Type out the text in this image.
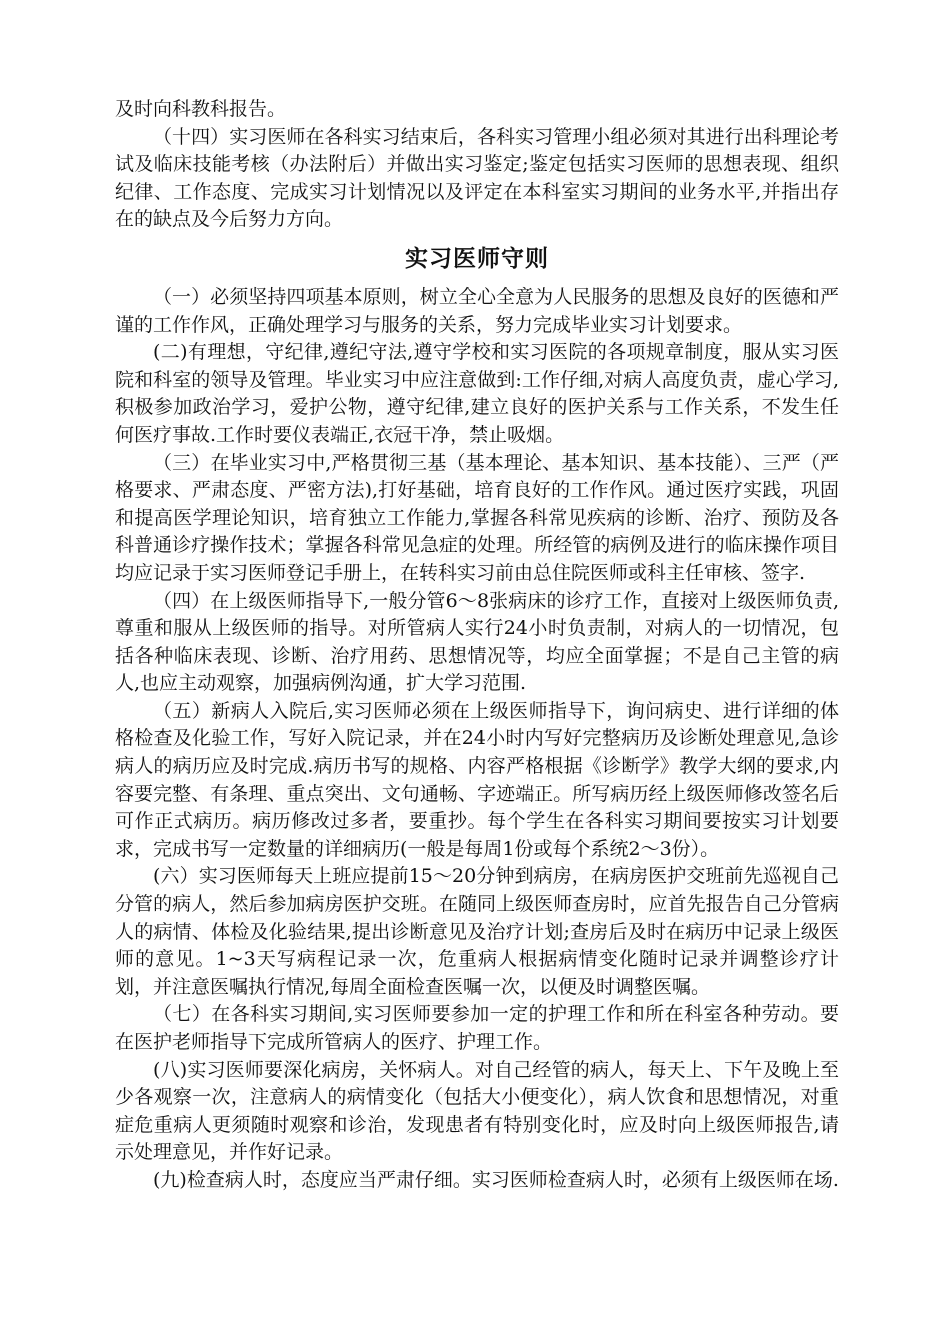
及时向科教科报告。

（十四）实习医师在各科实习结束后，各科实习管理小组必须对其进行出科理论考试及临床技能考核（办法附后）并做出实习鉴定;鉴定包括实习医师的思想表现、组织纪律、工作态度、完成实习计划情况以及评定在本科室实习期间的业务水平,并指出存在的缺点及今后努力方向。

实习医师守则

（一）必须坚持四项基本原则，树立全心全意为人民服务的思想及良好的医德和严谨的工作作风，正确处理学习与服务的关系，努力完成毕业实习计划要求。

(二)有理想，守纪律,遵纪守法,遵守学校和实习医院的各项规章制度，服从实习医院和科室的领导及管理。毕业实习中应注意做到:工作仔细,对病人高度负责，虚心学习,积极参加政治学习，爱护公物，遵守纪律,建立良好的医护关系与工作关系，不发生任何医疗事故.工作时要仪表端正,衣冠干净，禁止吸烟。

（三）在毕业实习中,严格贯彻三基（基本理论、基本知识、基本技能）、三严（严格要求、严肃态度、严密方法),打好基础，培育良好的工作作风。通过医疗实践，巩固和提高医学理论知识，培育独立工作能力,掌握各科常见疾病的诊断、治疗、预防及各科普通诊疗操作技术；掌握各科常见急症的处理。所经管的病例及进行的临床操作项目均应记录于实习医师登记手册上，在转科实习前由总住院医师或科主任审核、签字.

（四）在上级医师指导下,一般分管6～8张病床的诊疗工作，直接对上级医师负责,尊重和服从上级医师的指导。对所管病人实行24小时负责制，对病人的一切情况，包括各种临床表现、诊断、治疗用药、思想情况等，均应全面掌握；不是自己主管的病人,也应主动观察，加强病例沟通，扩大学习范围.

（五）新病人入院后,实习医师必须在上级医师指导下，询问病史、进行详细的体格检查及化验工作，写好入院记录，并在24小时内写好完整病历及诊断处理意见,急诊病人的病历应及时完成.病历书写的规格、内容严格根据《诊断学》教学大纲的要求,内容要完整、有条理、重点突出、文句通畅、字迹端正。所写病历经上级医师修改签名后可作正式病历。病历修改过多者，要重抄。每个学生在各科实习期间要按实习计划要求，完成书写一定数量的详细病历(一般是每周1份或每个系统2～3份）。

(六）实习医师每天上班应提前15～20分钟到病房，在病房医护交班前先巡视自己分管的病人，然后参加病房医护交班。在随同上级医师查房时，应首先报告自己分管病人的病情、体检及化验结果,提出诊断意见及治疗计划;查房后及时在病历中记录上级医师的意见。1~3天写病程记录一次，危重病人根据病情变化随时记录并调整诊疗计划，并注意医嘱执行情况,每周全面检查医嘱一次，以便及时调整医嘱。

（七）在各科实习期间,实习医师要参加一定的护理工作和所在科室各种劳动。要在医护老师指导下完成所管病人的医疗、护理工作。

(八)实习医师要深化病房，关怀病人。对自己经管的病人，每天上、下午及晚上至少各观察一次，注意病人的病情变化（包括大小便变化），病人饮食和思想情况，对重症危重病人更须随时观察和诊治，发现患者有特别变化时，应及时向上级医师报告,请示处理意见，并作好记录。

(九)检查病人时，态度应当严肃仔细。实习医师检查病人时，必须有上级医师在场.
